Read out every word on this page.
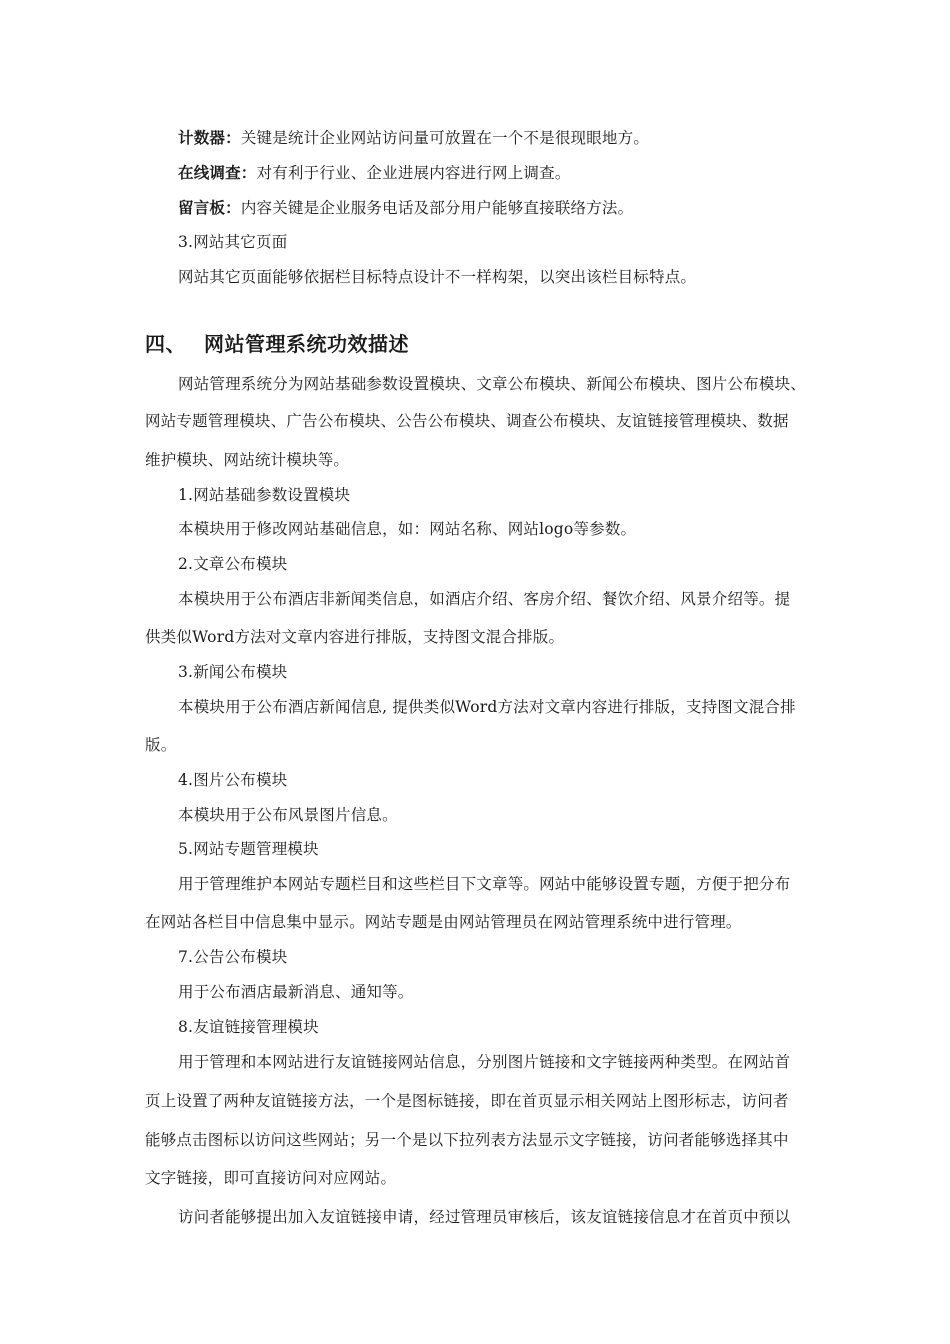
计数器：关键是统计企业网站访问量可放置在一个不是很现眼地方。
在线调查：对有利于行业、企业进展内容进行网上调查。
留言板：内容关键是企业服务电话及部分用户能够直接联络方法。
3.网站其它页面
网站其它页面能够依据栏目标特点设计不一样构架，以突出该栏目标特点。
四、 网站管理系统功效描述
网站管理系统分为网站基础参数设置模块、文章公布模块、新闻公布模块、图片公布模块、
网站专题管理模块、广告公布模块、公告公布模块、调查公布模块、友谊链接管理模块、数据
维护模块、网站统计模块等。
1.网站基础参数设置模块
本模块用于修改网站基础信息，如：网站名称、网站logo等参数。
2.文章公布模块
本模块用于公布酒店非新闻类信息，如酒店介绍、客房介绍、餐饮介绍、风景介绍等。提
供类似Word方法对文章内容进行排版，支持图文混合排版。
3.新闻公布模块
本模块用于公布酒店新闻信息, 提供类似Word方法对文章内容进行排版，支持图文混合排
版。
4.图片公布模块
本模块用于公布风景图片信息。
5.网站专题管理模块
用于管理维护本网站专题栏目和这些栏目下文章等。网站中能够设置专题，方便于把分布
在网站各栏目中信息集中显示。网站专题是由网站管理员在网站管理系统中进行管理。
7.公告公布模块
用于公布酒店最新消息、通知等。
8.友谊链接管理模块
用于管理和本网站进行友谊链接网站信息，分别图片链接和文字链接两种类型。在网站首
页上设置了两种友谊链接方法，一个是图标链接，即在首页显示相关网站上图形标志，访问者
能够点击图标以访问这些网站；另一个是以下拉列表方法显示文字链接，访问者能够选择其中
文字链接，即可直接访问对应网站。
访问者能够提出加入友谊链接申请，经过管理员审核后，该友谊链接信息才在首页中预以
